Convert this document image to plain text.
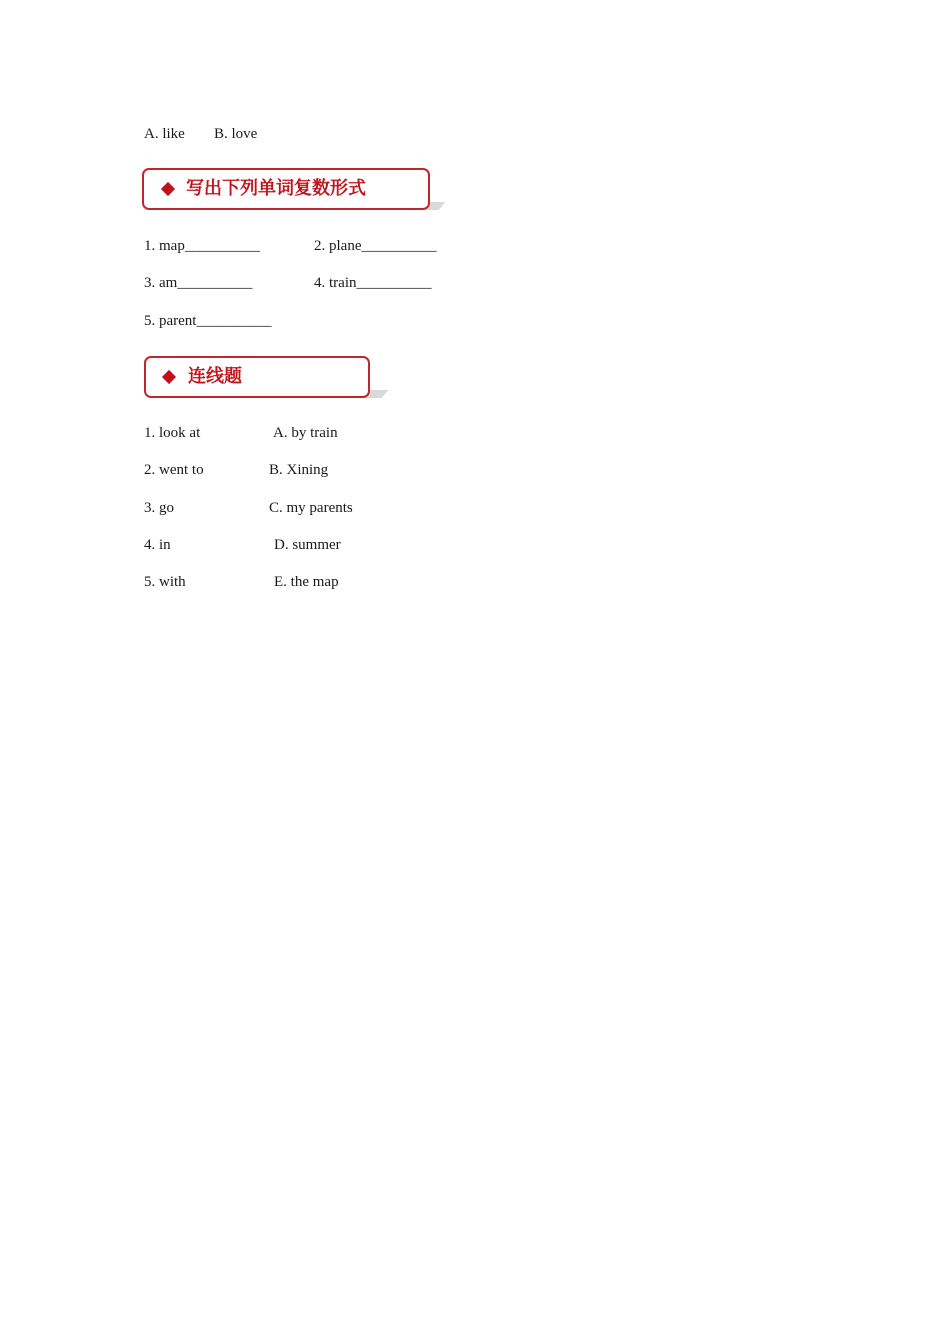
A. like B. love
写出下列单词复数形式
1. map__________	2. plane__________
3. am__________	4. train__________
5. parent__________
连线题
1. look at	A. by train
2. went to	B. Xining
3. go	C. my parents
4. in	D. summer
5. with	E. the map
